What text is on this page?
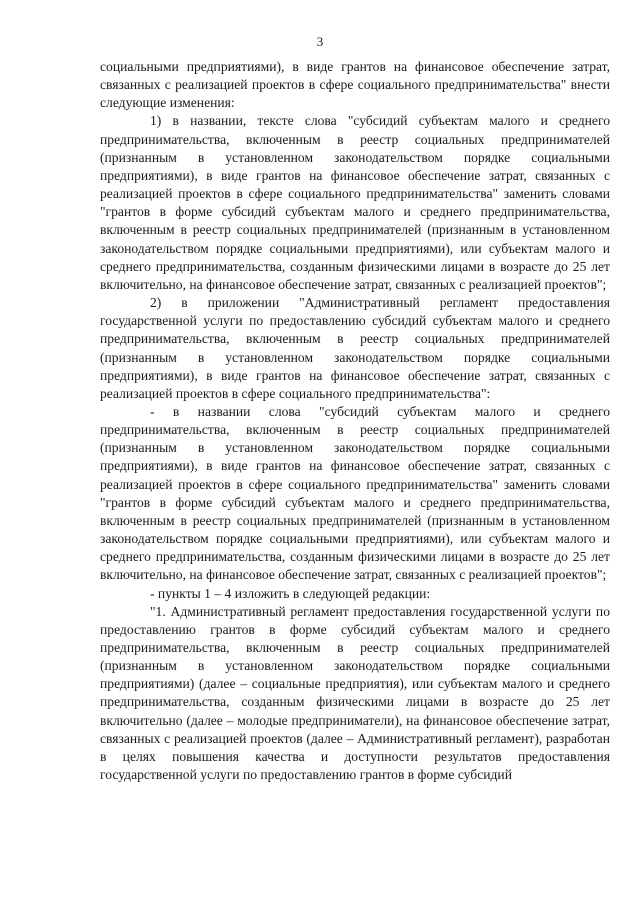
3

социальными предприятиями), в виде грантов на финансовое обеспечение затрат, связанных с реализацией проектов в сфере социального предпринимательства" внести следующие изменения:

1) в названии, тексте слова "субсидий субъектам малого и среднего предпринимательства, включенным в реестр социальных предпринимателей (признанным в установленном законодательством порядке социальными предприятиями), в виде грантов на финансовое обеспечение затрат, связанных с реализацией проектов в сфере социального предпринимательства" заменить словами "грантов в форме субсидий субъектам малого и среднего предпринимательства, включенным в реестр социальных предпринимателей (признанным в установленном законодательством порядке социальными предприятиями), или субъектам малого и среднего предпринимательства, созданным физическими лицами в возрасте до 25 лет включительно, на финансовое обеспечение затрат, связанных с реализацией проектов";

2) в приложении "Административный регламент предоставления государственной услуги по предоставлению субсидий субъектам малого и среднего предпринимательства, включенным в реестр социальных предпринимателей (признанным в установленном законодательством порядке социальными предприятиями), в виде грантов на финансовое обеспечение затрат, связанных с реализацией проектов в сфере социального предпринимательства":

- в названии слова "субсидий субъектам малого и среднего предпринимательства, включенным в реестр социальных предпринимателей (признанным в установленном законодательством порядке социальными предприятиями), в виде грантов на финансовое обеспечение затрат, связанных с реализацией проектов в сфере социального предпринимательства" заменить словами "грантов в форме субсидий субъектам малого и среднего предпринимательства, включенным в реестр социальных предпринимателей (признанным в установленном законодательством порядке социальными предприятиями), или субъектам малого и среднего предпринимательства, созданным физическими лицами в возрасте до 25 лет включительно, на финансовое обеспечение затрат, связанных с реализацией проектов";

- пункты 1 – 4 изложить в следующей редакции:

"1. Административный регламент предоставления государственной услуги по предоставлению грантов в форме субсидий субъектам малого и среднего предпринимательства, включенным в реестр социальных предпринимателей (признанным в установленном законодательством порядке социальными предприятиями) (далее – социальные предприятия), или субъектам малого и среднего предпринимательства, созданным физическими лицами в возрасте до 25 лет включительно (далее – молодые предприниматели), на финансовое обеспечение затрат, связанных с реализацией проектов (далее – Административный регламент), разработан в целях повышения качества и доступности результатов предоставления государственной услуги по предоставлению грантов в форме субсидий
